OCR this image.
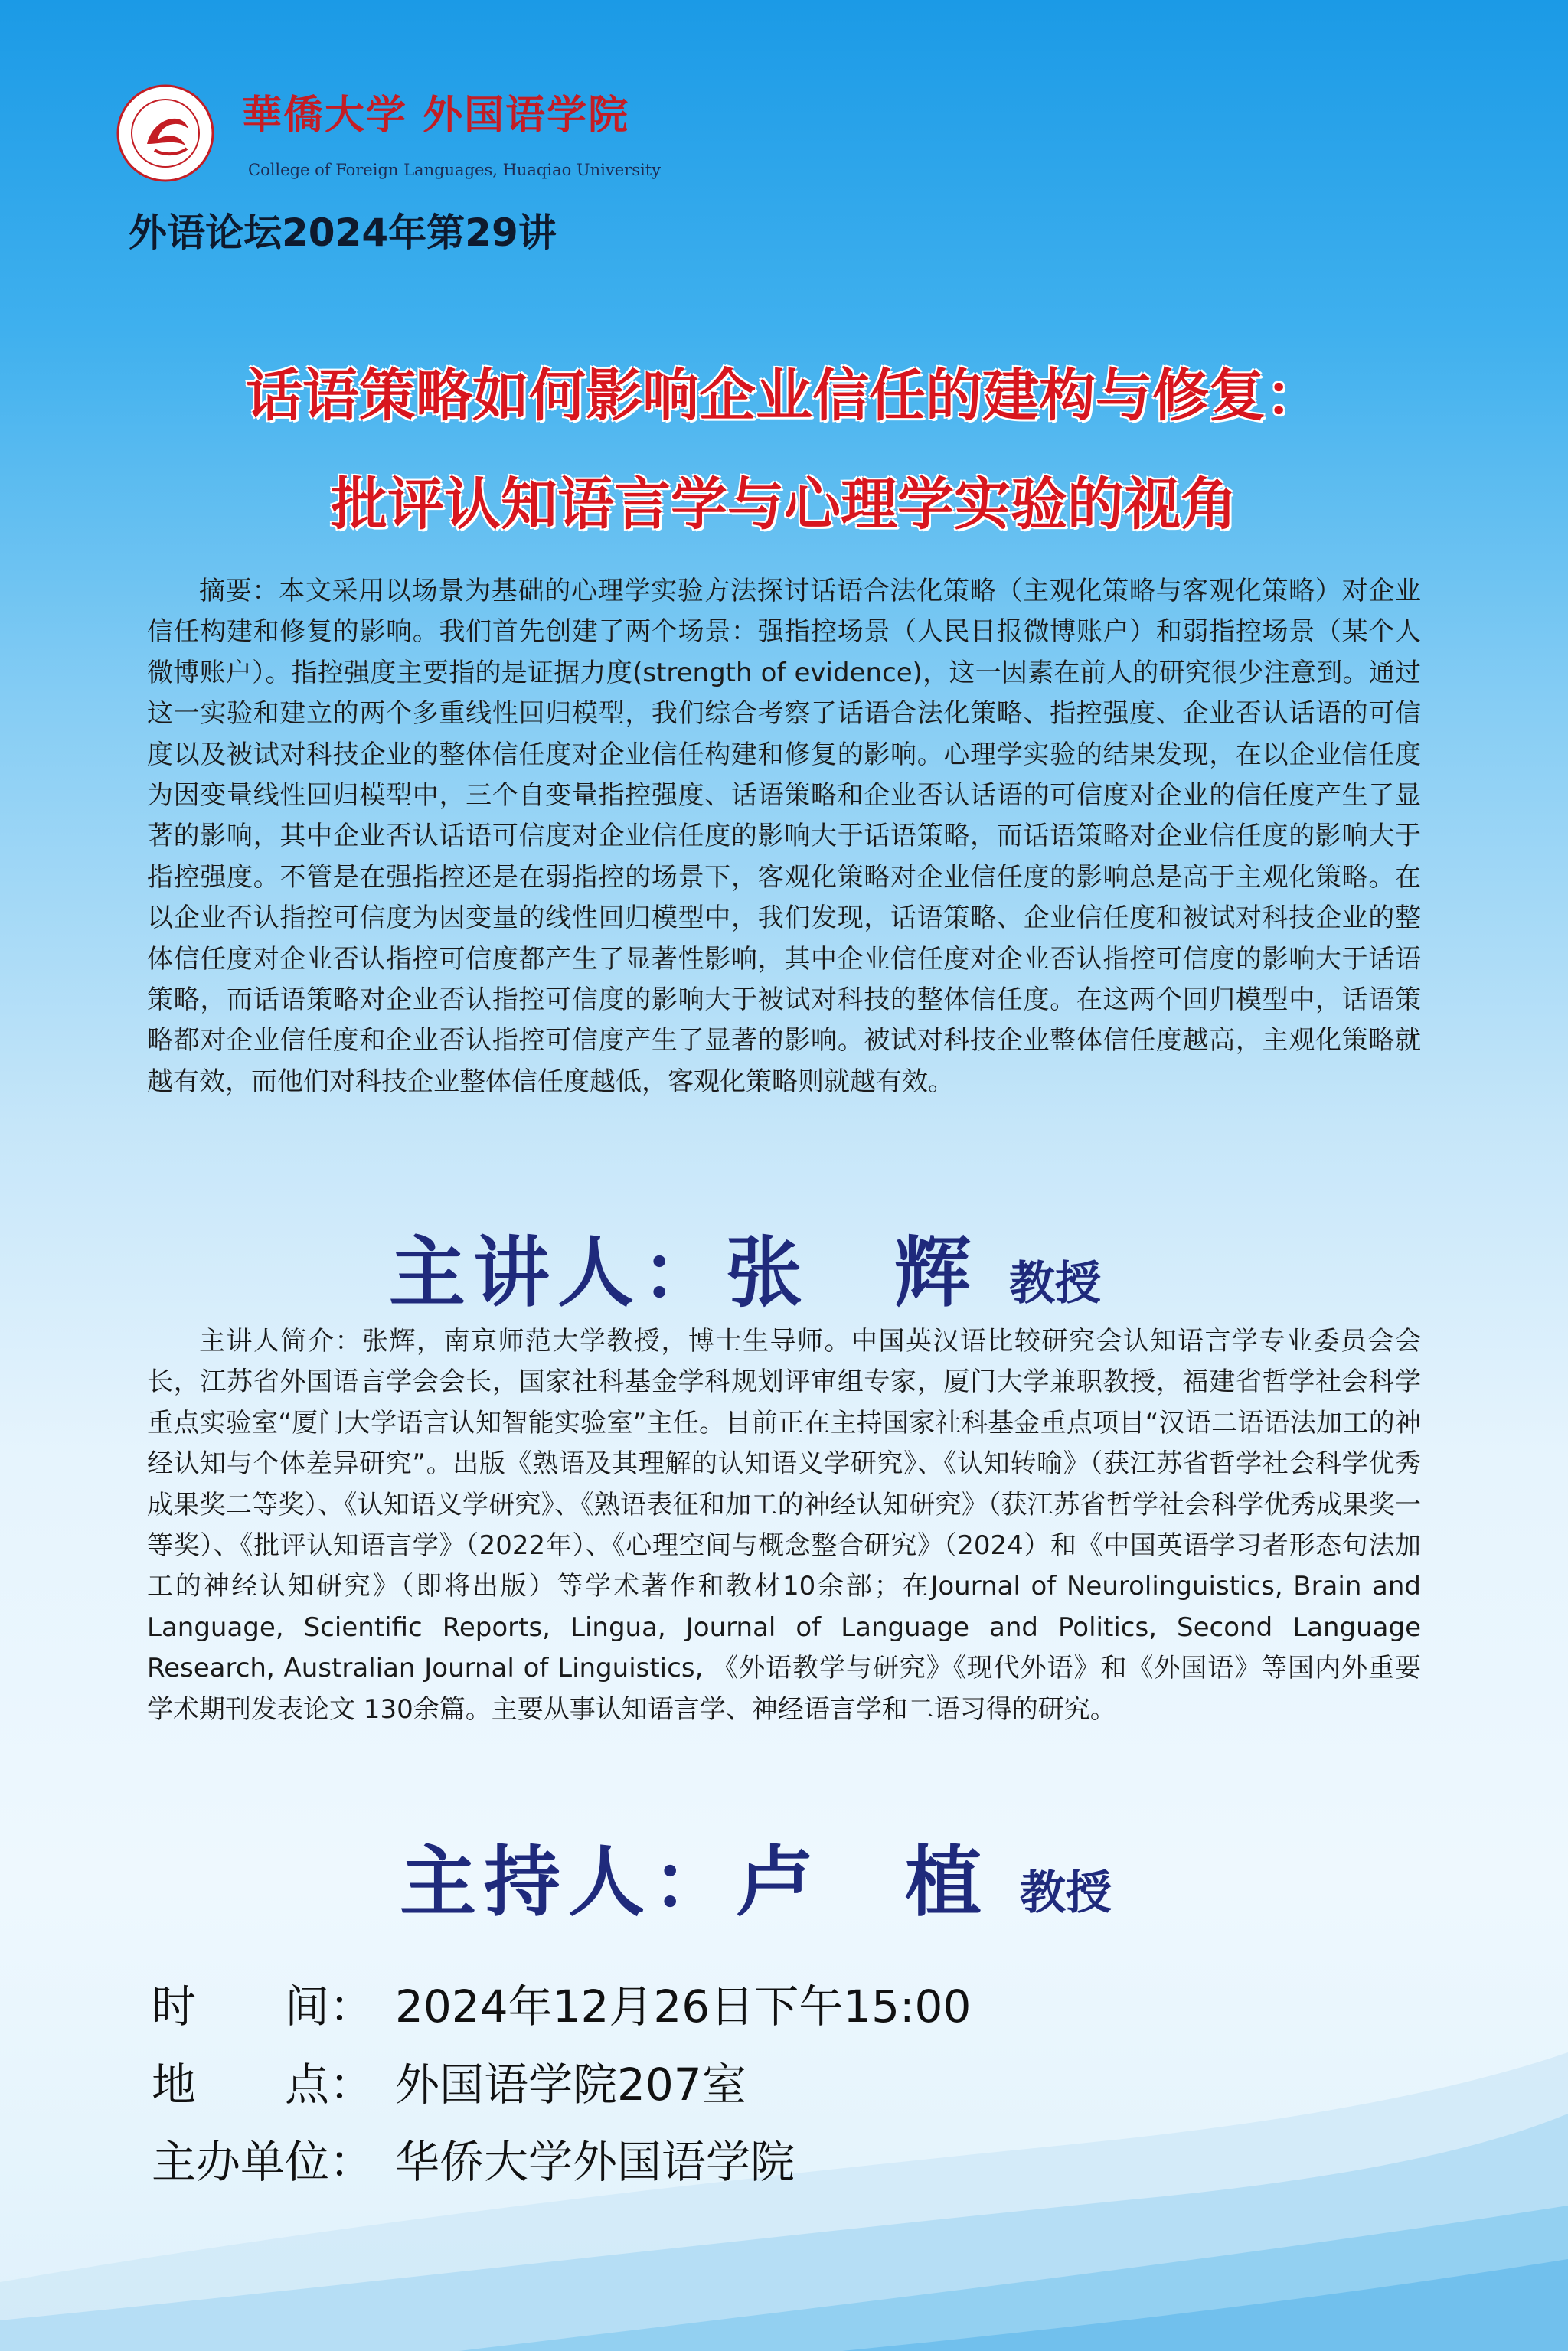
華僑大学 外国语学院
College of Foreign Languages, Huaqiao University
外语论坛2024年第29讲
话语策略如何影响企业信任的建构与修复：
批评认知语言学与心理学实验的视角
摘要：本文采用以场景为基础的心理学实验方法探讨话语合法化策略（主观化策略与客观化策略）对企业信任构建和修复的影响。我们首先创建了两个场景：强指控场景（人民日报微博账户）和弱指控场景（某个人微博账户）。指控强度主要指的是证据力度(strength of evidence)，这一因素在前人的研究很少注意到。通过这一实验和建立的两个多重线性回归模型，我们综合考察了话语合法化策略、指控强度、企业否认话语的可信度以及被试对科技企业的整体信任度对企业信任构建和修复的影响。心理学实验的结果发现，在以企业信任度为因变量线性回归模型中，三个自变量指控强度、话语策略和企业否认话语的可信度对企业的信任度产生了显著的影响，其中企业否认话语可信度对企业信任度的影响大于话语策略，而话语策略对企业信任度的影响大于指控强度。不管是在强指控还是在弱指控的场景下，客观化策略对企业信任度的影响总是高于主观化策略。在以企业否认指控可信度为因变量的线性回归模型中，我们发现，话语策略、企业信任度和被试对科技企业的整体信任度对企业否认指控可信度都产生了显著性影响，其中企业信任度对企业否认指控可信度的影响大于话语策略，而话语策略对企业否认指控可信度的影响大于被试对科技的整体信任度。在这两个回归模型中，话语策略都对企业信任度和企业否认指控可信度产生了显著的影响。被试对科技企业整体信任度越高，主观化策略就越有效，而他们对科技企业整体信任度越低，客观化策略则就越有效。
主讲人：张　辉 教授
主讲人简介：张辉，南京师范大学教授，博士生导师。中国英汉语比较研究会认知语言学专业委员会会长，江苏省外国语言学会会长，国家社科基金学科规划评审组专家，厦门大学兼职教授，福建省哲学社会科学重点实验室“厦门大学语言认知智能实验室”主任。目前正在主持国家社科基金重点项目“汉语二语语法加工的神经认知与个体差异研究”。出版《熟语及其理解的认知语义学研究》、《认知转喻》（获江苏省哲学社会科学优秀成果奖二等奖）、《认知语义学研究》、《熟语表征和加工的神经认知研究》（获江苏省哲学社会科学优秀成果奖一等奖）、《批评认知语言学》（2022年）、《心理空间与概念整合研究》（2024）和《中国英语学习者形态句法加工的神经认知研究》（即将出版）等学术著作和教材10余部；在Journal of Neurolinguistics, Brain and Language, Scientific Reports, Lingua, Journal of Language and Politics, Second Language Research, Australian Journal of Linguistics, 《外语教学与研究》《现代外语》和《外国语》等国内外重要学术期刊发表论文 130余篇。主要从事认知语言学、神经语言学和二语习得的研究。
主持人：卢　植 教授
时　　间： 2024年12月26日下午15:00
地　　点： 外国语学院207室
主办单位： 华侨大学外国语学院
